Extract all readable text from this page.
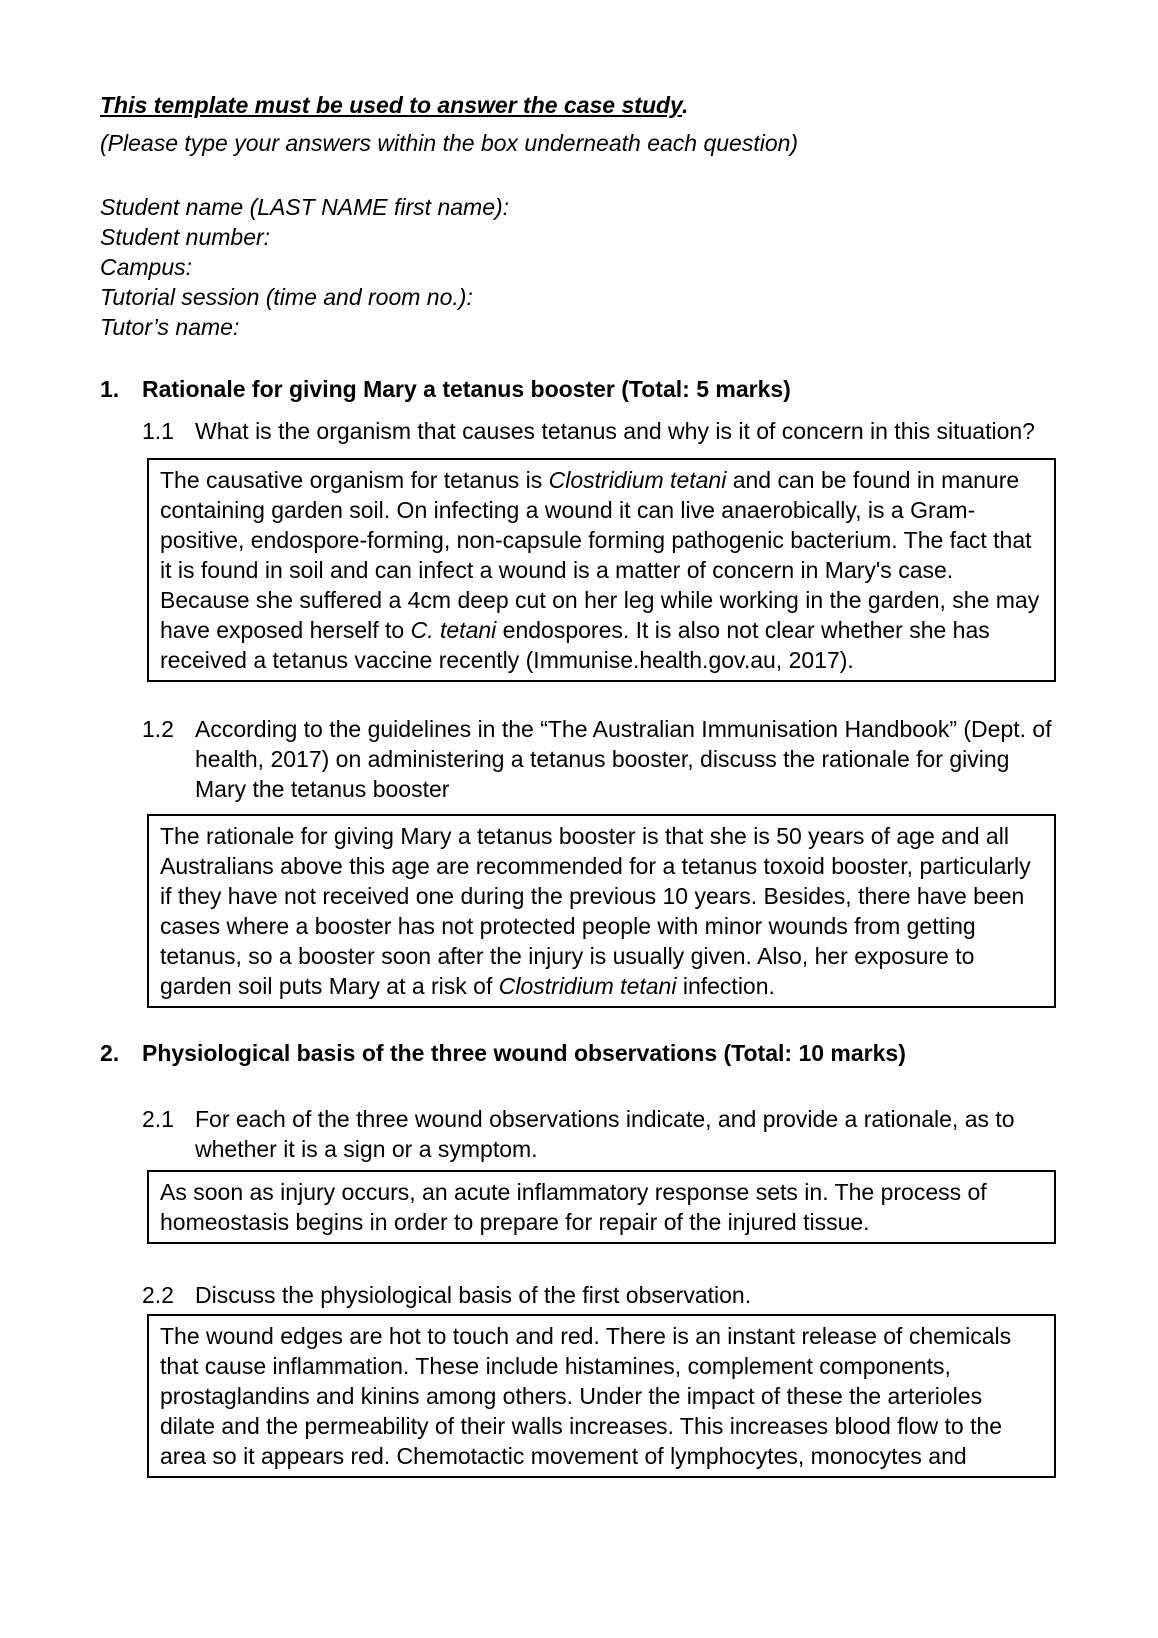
This template must be used to answer the case study.

(Please type your answers within the box underneath each question)

Student name (LAST NAME first name):
Student number:
Campus:
Tutorial session (time and room no.):
Tutor’s name:
1. Rationale for giving Mary a tetanus booster (Total: 5 marks)
1.1 What is the organism that causes tetanus and why is it of concern in this situation?

The causative organism for tetanus is Clostridium tetani and can be found in manure containing garden soil. On infecting a wound it can live anaerobically, is a Gram-positive, endospore-forming, non-capsule forming pathogenic bacterium. The fact that it is found in soil and can infect a wound is a matter of concern in Mary's case. Because she suffered a 4cm deep cut on her leg while working in the garden, she may have exposed herself to C. tetani endospores. It is also not clear whether she has received a tetanus vaccine recently (Immunise.health.gov.au, 2017).

1.2 According to the guidelines in the “The Australian Immunisation Handbook” (Dept. of health, 2017) on administering a tetanus booster, discuss the rationale for giving Mary the tetanus booster

The rationale for giving Mary a tetanus booster is that she is 50 years of age and all Australians above this age are recommended for a tetanus toxoid booster, particularly if they have not received one during the previous 10 years. Besides, there have been cases where a booster has not protected people with minor wounds from getting tetanus, so a booster soon after the injury is usually given. Also, her exposure to garden soil puts Mary at a risk of Clostridium tetani infection.

2. Physiological basis of the three wound observations (Total: 10 marks)
2.1 For each of the three wound observations indicate, and provide a rationale, as to whether it is a sign or a symptom.

As soon as injury occurs, an acute inflammatory response sets in. The process of homeostasis begins in order to prepare for repair of the injured tissue.

2.2 Discuss the physiological basis of the first observation.

The wound edges are hot to touch and red. There is an instant release of chemicals that cause inflammation. These include histamines, complement components, prostaglandins and kinins among others. Under the impact of these the arterioles dilate and the permeability of their walls increases. This increases blood flow to the area so it appears red. Chemotactic movement of lymphocytes, monocytes and
